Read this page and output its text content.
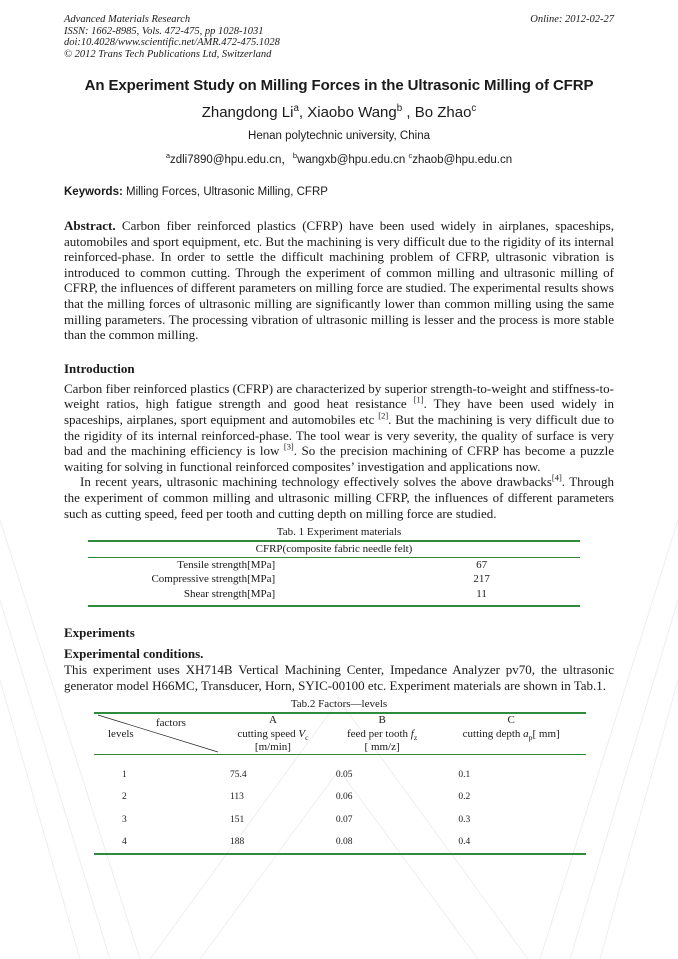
Advanced Materials Research
ISSN: 1662-8985, Vols. 472-475, pp 1028-1031
doi:10.4028/www.scientific.net/AMR.472-475.1028
© 2012 Trans Tech Publications Ltd, Switzerland
Online: 2012-02-27
An Experiment Study on Milling Forces in the Ultrasonic Milling of CFRP
Zhangdong Li$^a$, Xiaobo Wang$^b$ , Bo Zhao$^c$
Henan polytechnic university, China
$^a$zdli7890@hpu.edu.cn，$^b$wangxb@hpu.edu.cn $^c$zhaob@hpu.edu.cn
Keywords: Milling Forces, Ultrasonic Milling, CFRP
Abstract. Carbon fiber reinforced plastics (CFRP) have been used widely in airplanes, spaceships, automobiles and sport equipment, etc. But the machining is very difficult due to the rigidity of its internal reinforced-phase. In order to settle the difficult machining problem of CFRP, ultrasonic vibration is introduced to common cutting. Through the experiment of common milling and ultrasonic milling of CFRP, the influences of different parameters on milling force are studied. The experimental results shows that the milling forces of ultrasonic milling are significantly lower than common milling using the same milling parameters. The processing vibration of ultrasonic milling is lesser and the process is more stable than the common milling.
Introduction
Carbon fiber reinforced plastics (CFRP) are characterized by superior strength-to-weight and stiffness-to-weight ratios, high fatigue strength and good heat resistance [1]. They have been used widely in spaceships, airplanes, sport equipment and automobiles etc [2]. But the machining is very difficult due to the rigidity of its internal reinforced-phase. The tool wear is very severity, the quality of surface is very bad and the machining efficiency is low [3]. So the precision machining of CFRP has become a puzzle waiting for solving in functional reinforced composites’ investigation and applications now.
In recent years, ultrasonic machining technology effectively solves the above drawbacks[4]. Through the experiment of common milling and ultrasonic milling CFRP, the influences of different parameters such as cutting speed, feed per tooth and cutting depth on milling force are studied.
Tab. 1 Experiment materials
CFRP(composite fabric needle felt)	
Tensile strength[MPa]	67
Compressive strength[MPa]	217
Shear strength[MPa]	11
Experiments
Experimental conditions.
This experiment uses XH714B Vertical Machining Center, Impedance Analyzer pv70, the ultrasonic generator model H66MC, Transducer, Horn, SYIC-00100 etc. Experiment materials are shown in Tab.1.
Tab.2 Factors—levels
factors
levels	A	B	C
	cutting speed $V_c$	feed per tooth $f_z$	cutting depth $a_p$[ mm]
	[m/min]	[ mm/z]	
1	75.4	0.05	0.1
2	113	0.06	0.2
3	151	0.07	0.3
4	188	0.08	0.4
